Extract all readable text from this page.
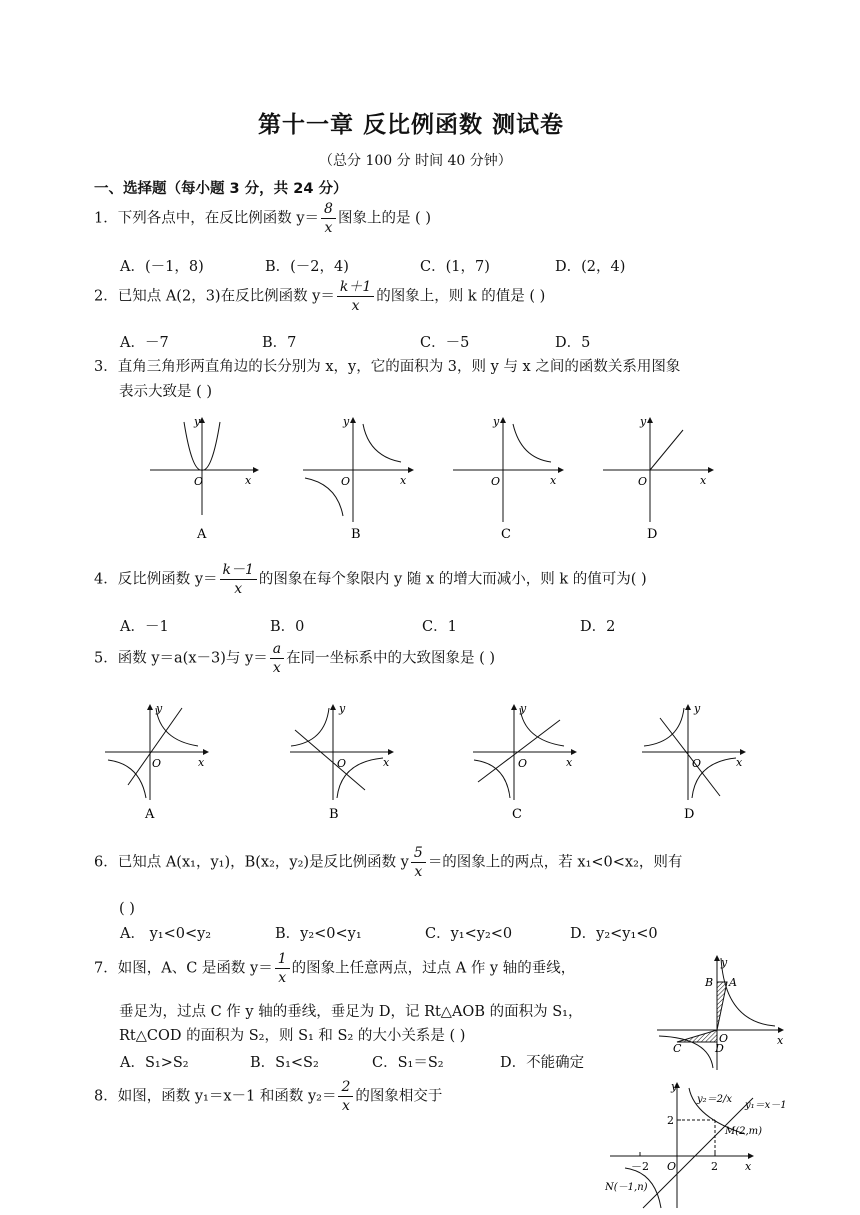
第十一章 反比例函数 测试卷
（总分 100 分 时间 40 分钟）
一、选择题（每小题 3 分，共 24 分）
1．下列各点中，在反比例函数 $y= \frac{8}{x}$ 图象上的是 ( )
A．(－1，8)	B．(－2，4)	C．(1，7)	D．(2，4)
2．已知点 A(2，3)在反比例函数 $y= \frac{k+1}{x}$ 的图象上，则 k 的值是 ( )
A．－7	B．7	C．－5	D．5
3．直角三角形两直角边的长分别为 x，y，它的面积为 3，则 y 与 x 之间的函数关系用图象
表示大致是 ( )
O	x
y
A
O	x
y
B
O	x
y
C
O	x
y
D
4．反比例函数 $y= \frac{k-1}{x}$ 的图象在每个象限内 y 随 x 的增大而减小，则 k 的值可为( )
A．－1	B．0	C．1	D．2
5．函数 y＝a(x－3)与 $y= \frac{a}{x}$ 在同一坐标系中的大致图象是 ( )
O	x
y
A
O	x
y
B
O	x
y
C
O	x
y
D
6．已知点 A(x₁，y₁)，B(x₂，y₂)是反比例函数 y $\frac{5}{x}$ ＝的图象上的两点，若 x₁<0<x₂，则有
( )
A． y₁<0<y₂	B．y₂<0<y₁	C．y₁<y₂<0	D．y₂<y₁<0
7．如图，A、C 是函数 $y= \frac{1}{x}$ 的图象上任意两点，过点 A 作 y 轴的垂线，
垂足为，过点 C 作 y 轴的垂线，垂足为 D，记 Rt△AOB 的面积为 S₁，
Rt△COD 的面积为 S₂，则 S₁ 和 S₂ 的大小关系是 ( )
A．S₁>S₂	B．S₁<S₂	C．S₁＝S₂	D．不能确定
y
x
A
B
C	D
O
8．如图，函数 y₁＝x－1 和函数 $y_2= \frac{2}{x}$ 的图象相交于
y
x
O
y₂＝2/x
y₁＝x－1
M(2,m)
N(－1,n)
2
2
－2
